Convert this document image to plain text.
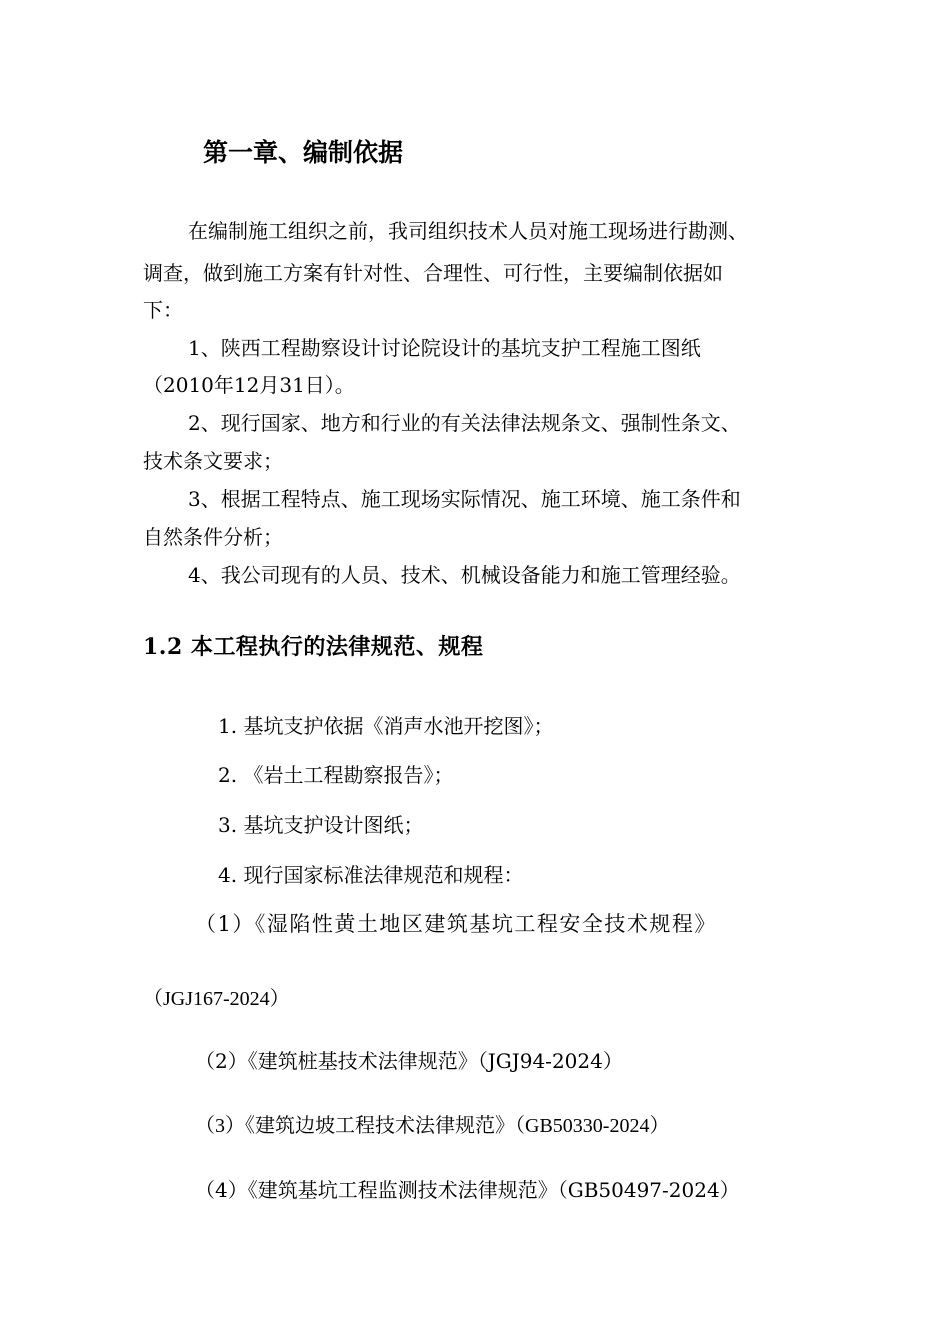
第一章、编制依据
在编制施工组织之前，我司组织技术人员对施工现场进行勘测、
调查，做到施工方案有针对性、合理性、可行性，主要编制依据如
下：
1、陕西工程勘察设计讨论院设计的基坑支护工程施工图纸
（2010年12月31日）。
2、现行国家、地方和行业的有关法律法规条文、强制性条文、
技术条文要求；
3、根据工程特点、施工现场实际情况、施工环境、施工条件和
自然条件分析；
4、我公司现有的人员、技术、机械设备能力和施工管理经验。
1.2 本工程执行的法律规范、规程
1. 基坑支护依据《消声水池开挖图》；
2. 《岩土工程勘察报告》；
3. 基坑支护设计图纸；
4. 现行国家标准法律规范和规程：
（1）《湿陷性黄土地区建筑基坑工程安全技术规程》
（JGJ167-2024）
（2）《建筑桩基技术法律规范》（JGJ94-2024）
（3）《建筑边坡工程技术法律规范》（GB50330-2024）
（4）《建筑基坑工程监测技术法律规范》（GB50497-2024）
